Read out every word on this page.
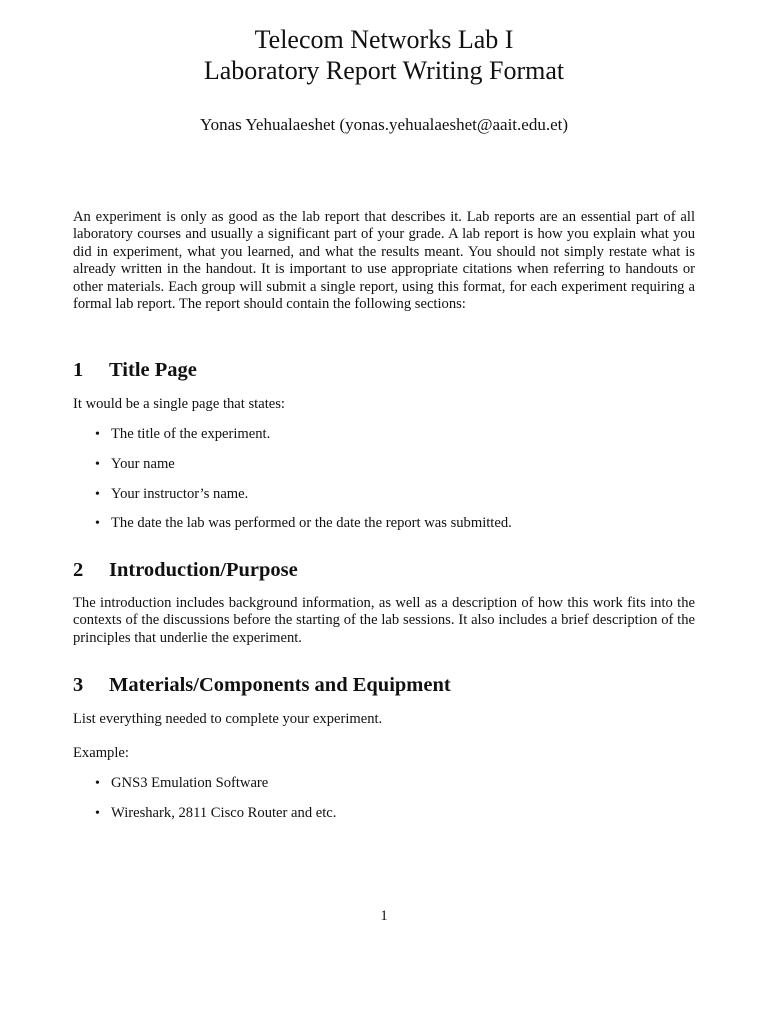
Telecom Networks Lab I
Laboratory Report Writing Format
Yonas Yehualaeshet (yonas.yehualaeshet@aait.edu.et)

An experiment is only as good as the lab report that describes it. Lab reports are an essential part of all laboratory courses and usually a significant part of your grade. A lab report is how you explain what you did in experiment, what you learned, and what the results meant. You should not simply restate what is already written in the handout. It is important to use appropriate citations when referring to handouts or other materials. Each group will submit a single report, using this format, for each experiment requiring a formal lab report. The report should contain the following sections:

1 Title Page

It would be a single page that states:

• The title of the experiment.
• Your name
• Your instructor’s name.
• The date the lab was performed or the date the report was submitted.
2 Introduction/Purpose

The introduction includes background information, as well as a description of how this work fits into the contexts of the discussions before the starting of the lab sessions. It also includes a brief description of the principles that underlie the experiment.

3 Materials/Components and Equipment

List everything needed to complete your experiment.

Example:

• GNS3 Emulation Software
• Wireshark, 2811 Cisco Router and etc.
1
